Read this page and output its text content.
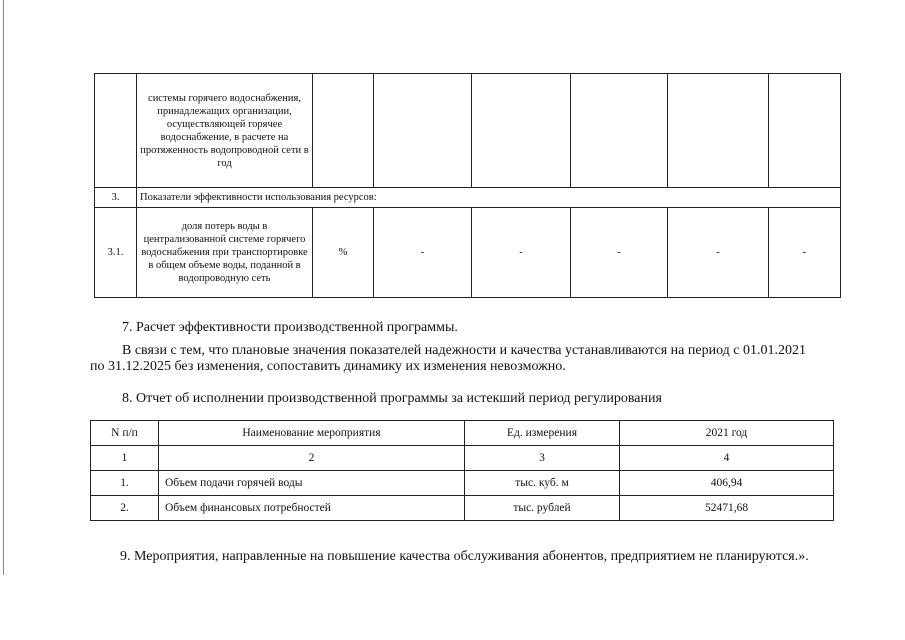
	системы горячего водоснабжения, принадлежащих организации, осуществляющей горячее водоснабжение, в расчете на протяженность водопроводной сети в год						
3.	Показатели эффективности использования ресурсов:						
3.1.	доля потерь воды в централизованной системе горячего водоснабжения при транспортировке в общем объеме воды, поданной в водопроводную сеть	%	-	-	-	-	-

7. Расчет эффективности производственной программы.

В связи с тем, что плановые значения показателей надежности и качества устанавливаются на период с 01.01.2021

по 31.12.2025 без изменения, сопоставить динамику их изменения невозможно.

8. Отчет об исполнении производственной программы за истекший период регулирования

N п/п	Наименование мероприятия	Ед. измерения	2021 год
1	2	3	4
1.	Объем подачи горячей воды	тыс. куб. м	406,94
2.	Объем финансовых потребностей	тыс. рублей	52471,68

9. Мероприятия, направленные на повышение качества обслуживания абонентов, предприятием не планируются.».
